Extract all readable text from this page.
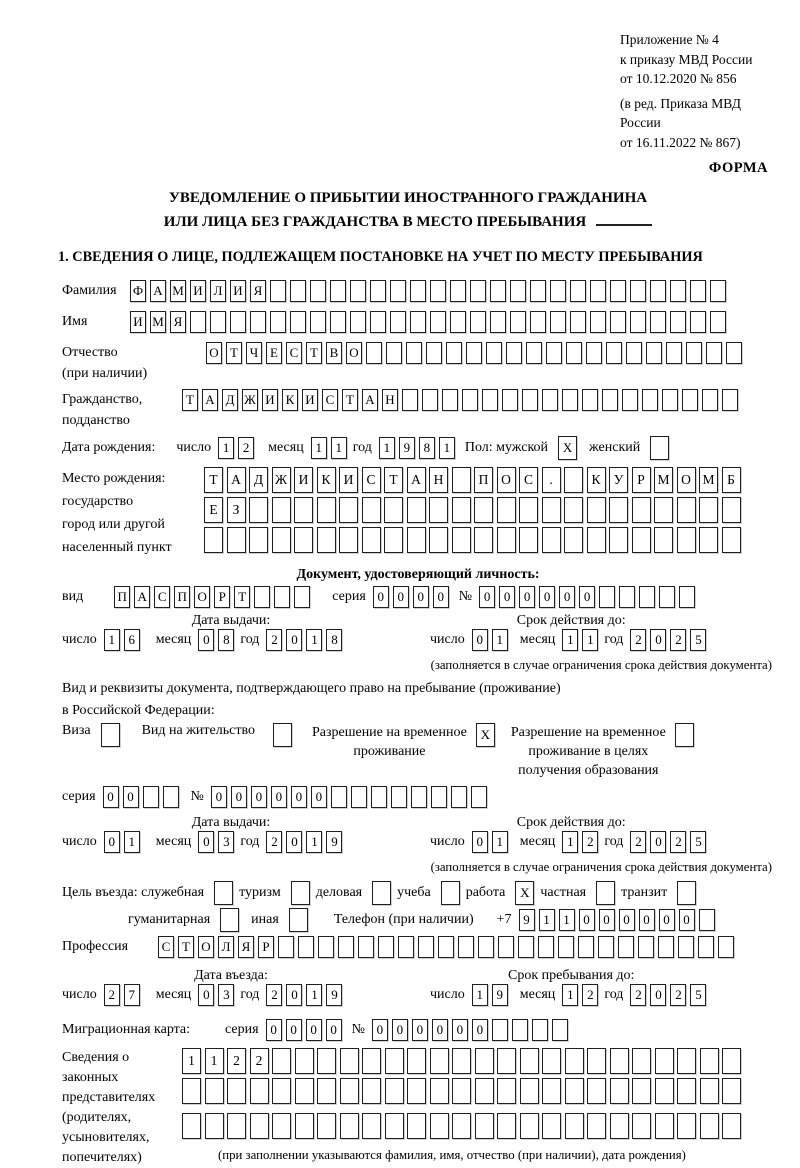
Приложение № 4
к приказу МВД России
от 10.12.2020 № 856
(в ред. Приказа МВД России
от 16.11.2022 № 867)
ФОРМА
УВЕДОМЛЕНИЕ О ПРИБЫТИИ ИНОСТРАННОГО ГРАЖДАНИНА
ИЛИ ЛИЦА БЕЗ ГРАЖДАНСТВА В МЕСТО ПРЕБЫВАНИЯ
1. СВЕДЕНИЯ О ЛИЦЕ, ПОДЛЕЖАЩЕМ ПОСТАНОВКЕ НА УЧЕТ ПО МЕСТУ ПРЕБЫВАНИЯ
Фамилия	Ф А М И Л И Я
Имя	И М Я
Отчество
(при наличии)
О Т Ч Е С Т В О
Гражданство,
подданство
Т А Д Ж И К И С Т А Н
Дата рождения: число 1	2	месяц 1	1 год 1	9	8	1	Пол: мужской	X	женский
Место рождения:
государство
город или другой
населенный пункт
Т	А Д Ж И К И С	Т	А Н	П О С	.	К У	Р М О М Б
Е	З
Документ, удостоверяющий личность:
вид	П А С П О Р Т	серия 0	0	0	0	№ 0	0	0	0	0	0
Дата выдачи:
число 1	6	месяц 0	8 год 2	0	1	8
Срок действия до:
число 0	1	месяц 1	1 год 2	0	2	5
(заполняется в случае ограничения срока действия документа)
Вид и реквизиты документа, подтверждающего право на пребывание (проживание)
в Российской Федерации:
Виза	Вид на жительство	Разрешение на временное
проживание
X	Разрешение на временное
проживание в целях
получения образования
серия 0	0	№ 0	0	0	0	0	0
Дата выдачи:
число 0	1	месяц 0	3 год 2	0	1	9
Срок действия до:
число 0	1	месяц 1	2 год 2	0	2	5
(заполняется в случае ограничения срока действия документа)
Цель въезда: служебная	туризм	деловая	учеба	работа	X частная	транзит
гуманитарная	иная	Телефон (при наличии) +7 9	1	1	0	0	0	0	0	0
Профессия	С Т О Л Я Р
Дата въезда:
число 2	7	месяц 0	3 год 2	0	1	9
Срок пребывания до:
число 1	9	месяц 1	2 год 2	0	2	5
Миграционная карта:	серия 0	0	0	0	№ 0	0	0	0	0	0
Сведения о
законных
представителях
(родителях,
усыновителях,
попечителях)
1	1	2	2
(при заполнении указываются фамилия, имя, отчество (при наличии), дата рождения)
